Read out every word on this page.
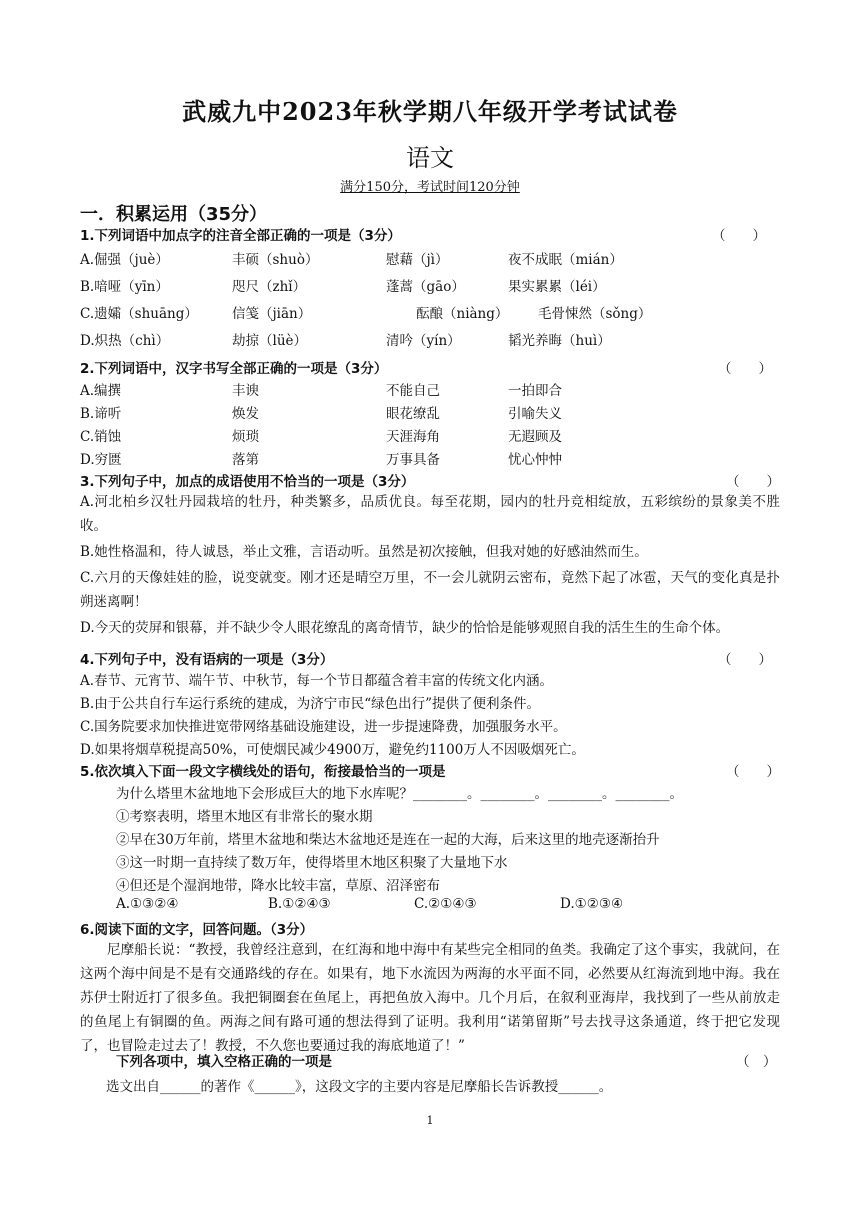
武威九中2023年秋学期八年级开学考试试卷
语文
满分150分，考试时间120分钟
一．积累运用（35分）
1.下列词语中加点字的注音全部正确的一项是（3分）	（　　）
A.倔强（juè）	丰硕（shuò）	慰藉（jì）	夜不成眠（mián）
B.喑哑（yīn）	咫尺（zhǐ）	蓬蒿（gāo）	果实累累（léi）
C.遗孀（shuāng）	信笺（jiān）	酝酿（niàng） 毛骨悚然（sǒng）
D.炽热（chì）	劫掠（lüè）	清吟（yín）	韬光养晦（huì）
2.下列词语中，汉字书写全部正确的一项是（3分）	（　　）
A.编撰	丰谀	不能自己	一拍即合
B.谛听	焕发	眼花缭乱	引喻失义
C.销蚀	烦琐	天涯海角	无遐顾及
D.穷匮	落第	万事具备	忧心忡忡
3.下列句子中，加点的成语使用不恰当的一项是（3分）	（　　）
A.河北柏乡汉牡丹园栽培的牡丹，种类繁多，品质优良。每至花期，园内的牡丹竞相绽放，五彩缤纷的景象美不胜收。
B.她性格温和，待人诚恳，举止文雅，言语动听。虽然是初次接触，但我对她的好感油然而生。
C.六月的天像娃娃的脸，说变就变。刚才还是晴空万里，不一会儿就阴云密布，竟然下起了冰雹，天气的变化真是扑朔迷离啊！
D.今天的荧屏和银幕，并不缺少令人眼花缭乱的离奇情节，缺少的恰恰是能够观照自我的活生生的生命个体。
4.下列句子中，没有语病的一项是（3分）	（　　）
A.春节、元宵节、端午节、中秋节，每一个节日都蕴含着丰富的传统文化内涵。
B.由于公共自行车运行系统的建成，为济宁市民“绿色出行”提供了便利条件。
C.国务院要求加快推进宽带网络基础设施建设，进一步提速降费，加强服务水平。
D.如果将烟草税提高50%，可使烟民减少4900万，避免约1100万人不因吸烟死亡。
5.依次填入下面一段文字横线处的语句，衔接最恰当的一项是	（　　）
为什么塔里木盆地地下会形成巨大的地下水库呢？________。________。________。________。
①考察表明，塔里木地区有非常长的聚水期
②早在30万年前，塔里木盆地和柴达木盆地还是连在一起的大海，后来这里的地壳逐渐抬升
③这一时期一直持续了数万年，使得塔里木地区积聚了大量地下水
④但还是个湿润地带，降水比较丰富，草原、沼泽密布
A.①③②④	B.①②④③	C.②①④③	D.①②③④
6.阅读下面的文字，回答问题。（3分）
尼摩船长说：“教授，我曾经注意到，在红海和地中海中有某些完全相同的鱼类。我确定了这个事实，我就问，在这两个海中间是不是有交通路线的存在。如果有，地下水流因为两海的水平面不同，必然要从红海流到地中海。我在苏伊士附近打了很多鱼。我把铜圈套在鱼尾上，再把鱼放入海中。几个月后，在叙利亚海岸，我找到了一些从前放走的鱼尾上有铜圈的鱼。两海之间有路可通的想法得到了证明。我利用“诺第留斯”号去找寻这条通道，终于把它发现了，也冒险走过去了！教授，不久您也要通过我的海底地道了！”
下列各项中，填入空格正确的一项是	（　）
选文出自______的著作《______》，这段文字的主要内容是尼摩船长告诉教授______。
1
